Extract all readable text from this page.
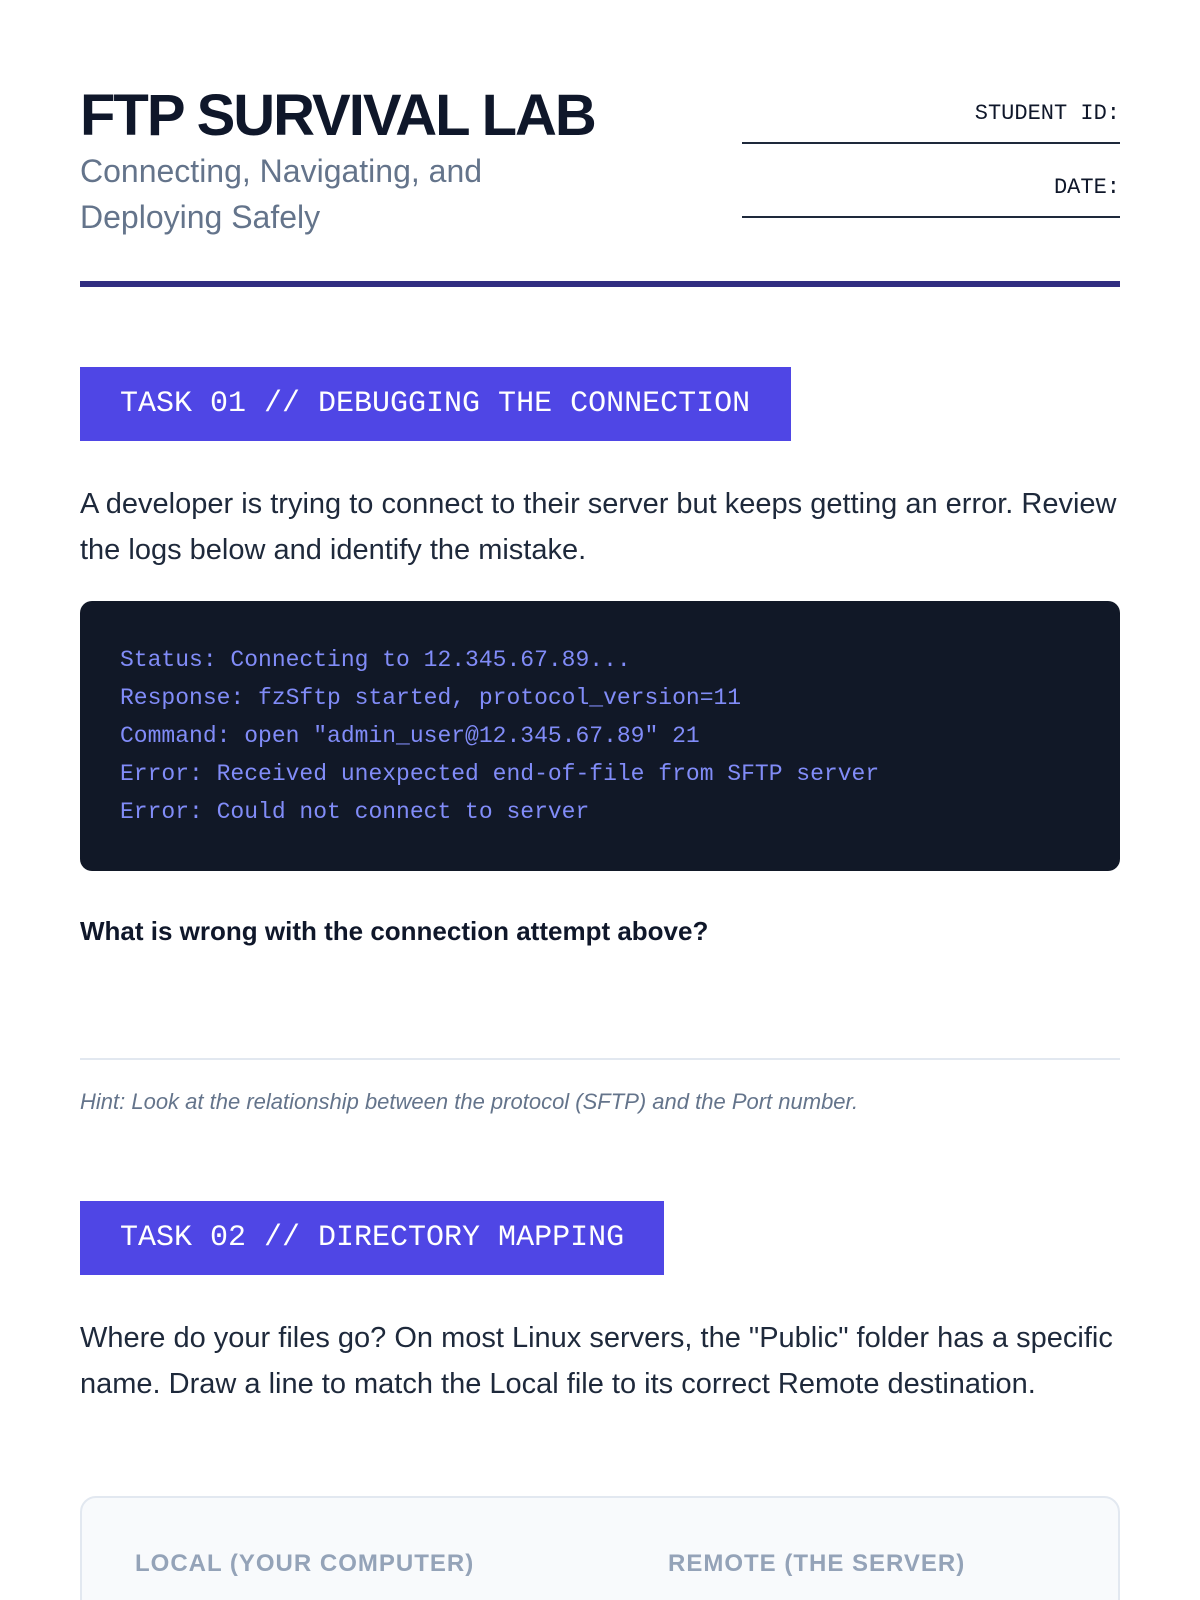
FTP SURVIVAL LAB
Connecting, Navigating, and Deploying Safely
STUDENT ID:
DATE:
TASK 01 // DEBUGGING THE CONNECTION
A developer is trying to connect to their server but keeps getting an error. Review the logs below and identify the mistake.
Status: Connecting to 12.345.67.89...
Response: fzSftp started, protocol_version=11
Command: open "admin_user@12.345.67.89" 21
Error: Received unexpected end-of-file from SFTP server
Error: Could not connect to server
What is wrong with the connection attempt above?
Hint: Look at the relationship between the protocol (SFTP) and the Port number.
TASK 02 // DIRECTORY MAPPING
Where do your files go? On most Linux servers, the "Public" folder has a specific name. Draw a line to match the Local file to its correct Remote destination.
LOCAL (YOUR COMPUTER)	REMOTE (THE SERVER)
